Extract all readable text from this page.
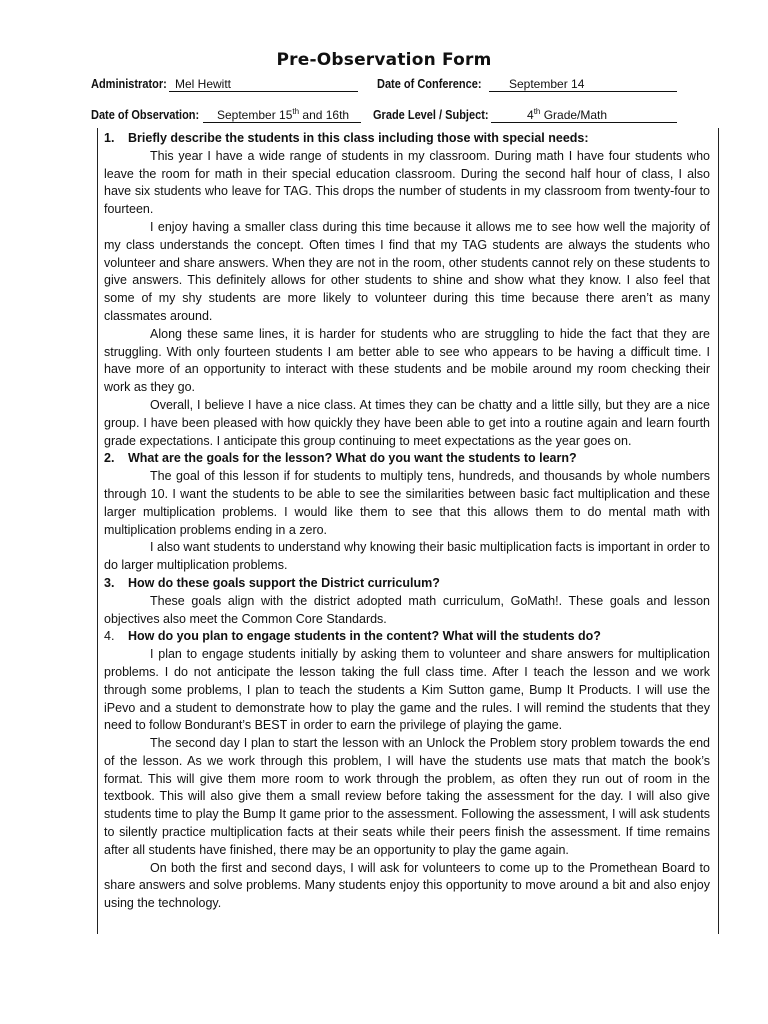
Pre-Observation Form
Administrator: Mel Hewitt	Date of Conference: September 14
Date of Observation: September 15th and 16th Grade Level / Subject:	4th Grade/Math
1.	Briefly describe the students in this class including those with special needs:

This year I have a wide range of students in my classroom. During math I have four students who leave the room for math in their special education classroom. During the second half hour of class, I also have six students who leave for TAG. This drops the number of students in my classroom from twenty-four to fourteen.

I enjoy having a smaller class during this time because it allows me to see how well the majority of my class understands the concept. Often times I find that my TAG students are always the students who volunteer and share answers. When they are not in the room, other students cannot rely on these students to give answers. This definitely allows for other students to shine and show what they know. I also feel that some of my shy students are more likely to volunteer during this time because there aren’t as many classmates around.

Along these same lines, it is harder for students who are struggling to hide the fact that they are struggling. With only fourteen students I am better able to see who appears to be having a difficult time. I have more of an opportunity to interact with these students and be mobile around my room checking their work as they go.

Overall, I believe I have a nice class. At times they can be chatty and a little silly, but they are a nice group. I have been pleased with how quickly they have been able to get into a routine again and learn fourth grade expectations. I anticipate this group continuing to meet expectations as the year goes on.

2.	What are the goals for the lesson? What do you want the students to learn?

The goal of this lesson if for students to multiply tens, hundreds, and thousands by whole numbers through 10. I want the students to be able to see the similarities between basic fact multiplication and these larger multiplication problems. I would like them to see that this allows them to do mental math with multiplication problems ending in a zero.

I also want students to understand why knowing their basic multiplication facts is important in order to do larger multiplication problems.

3.	How do these goals support the District curriculum?

These goals align with the district adopted math curriculum, GoMath!. These goals and lesson objectives also meet the Common Core Standards.

4.	How do you plan to engage students in the content? What will the students do?

I plan to engage students initially by asking them to volunteer and share answers for multiplication problems. I do not anticipate the lesson taking the full class time. After I teach the lesson and we work through some problems, I plan to teach the students a Kim Sutton game, Bump It Products. I will use the iPevo and a student to demonstrate how to play the game and the rules. I will remind the students that they need to follow Bondurant’s BEST in order to earn the privilege of playing the game.

The second day I plan to start the lesson with an Unlock the Problem story problem towards the end of the lesson. As we work through this problem, I will have the students use mats that match the book’s format. This will give them more room to work through the problem, as often they run out of room in the textbook. This will also give them a small review before taking the assessment for the day. I will also give students time to play the Bump It game prior to the assessment. Following the assessment, I will ask students to silently practice multiplication facts at their seats while their peers finish the assessment. If time remains after all students have finished, there may be an opportunity to play the game again.

On both the first and second days, I will ask for volunteers to come up to the Promethean Board to share answers and solve problems. Many students enjoy this opportunity to move around a bit and also enjoy using the technology.
